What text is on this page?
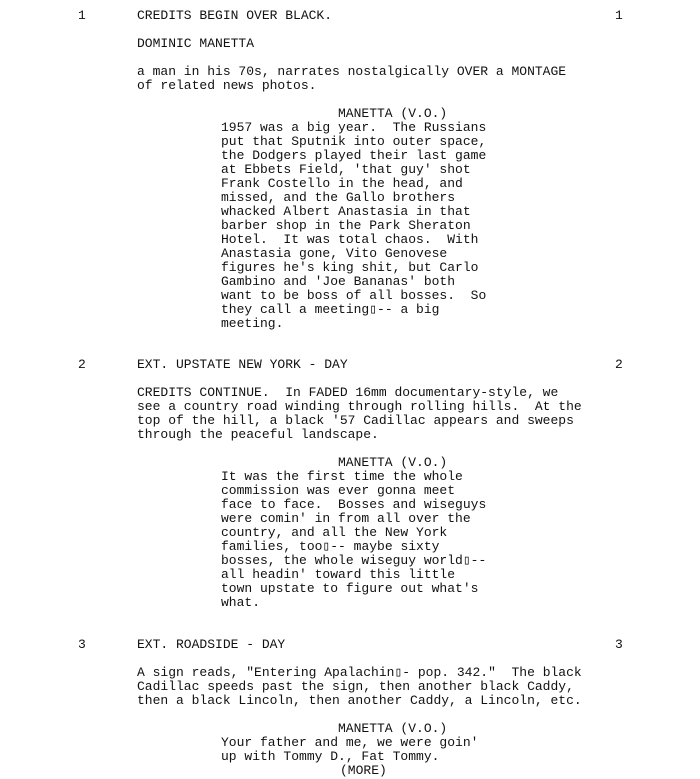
1	CREDITS BEGIN OVER BLACK.	1
DOMINIC MANETTA
a man in his 70s, narrates nostalgically OVER a MONTAGE
of related news photos.
MANETTA (V.O.)
1957 was a big year.  The Russians
put that Sputnik into outer space,
the Dodgers played their last game
at Ebbets Field, 'that guy' shot
Frank Costello in the head, and
missed, and the Gallo brothers
whacked Albert Anastasia in that
barber shop in the Park Sheraton
Hotel.  It was total chaos.  With
Anastasia gone, Vito Genovese
figures he's king shit, but Carlo
Gambino and 'Joe Bananas' both
want to be boss of all bosses.  So
they call a meeting▯-- a big
meeting.
2	EXT. UPSTATE NEW YORK - DAY	2
CREDITS CONTINUE.  In FADED 16mm documentary-style, we
see a country road winding through rolling hills.  At the
top of the hill, a black '57 Cadillac appears and sweeps
through the peaceful landscape.
MANETTA (V.O.)
It was the first time the whole
commission was ever gonna meet
face to face.  Bosses and wiseguys
were comin' in from all over the
country, and all the New York
families, too▯-- maybe sixty
bosses, the whole wiseguy world▯--
all headin' toward this little
town upstate to figure out what's
what.
3	EXT. ROADSIDE - DAY	3
A sign reads, "Entering Apalachin▯- pop. 342."  The black
Cadillac speeds past the sign, then another black Caddy,
then a black Lincoln, then another Caddy, a Lincoln, etc.
MANETTA (V.O.)
Your father and me, we were goin'
up with Tommy D., Fat Tommy.
(MORE)
